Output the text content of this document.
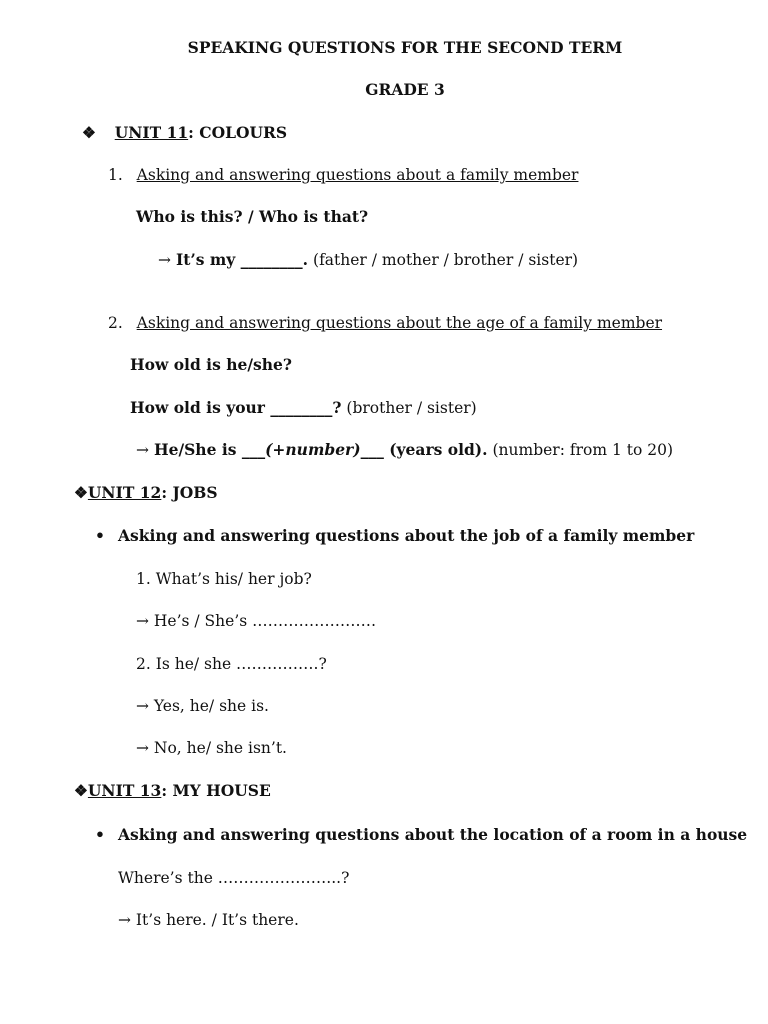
SPEAKING QUESTIONS FOR THE SECOND TERM
GRADE 3
❖ UNIT 11: COLOURS
1. Asking and answering questions about a family member
Who is this? / Who is that?
→ It’s my ________. (father / mother / brother / sister)
2. Asking and answering questions about the age of a family member
How old is he/she?
How old is your ________? (brother / sister)
→ He/She is ___(+number)___ (years old). (number: from 1 to 20)
❖UNIT 12: JOBS
• Asking and answering questions about the job of a family member
1. What’s his/ her job?
→ He’s / She’s ……………………
2. Is he/ she …………….?
→ Yes, he/ she is.
→ No, he/ she isn’t.
❖UNIT 13: MY HOUSE
• Asking and answering questions about the location of a room in a house
Where’s the …………………...?
→ It’s here. / It’s there.
